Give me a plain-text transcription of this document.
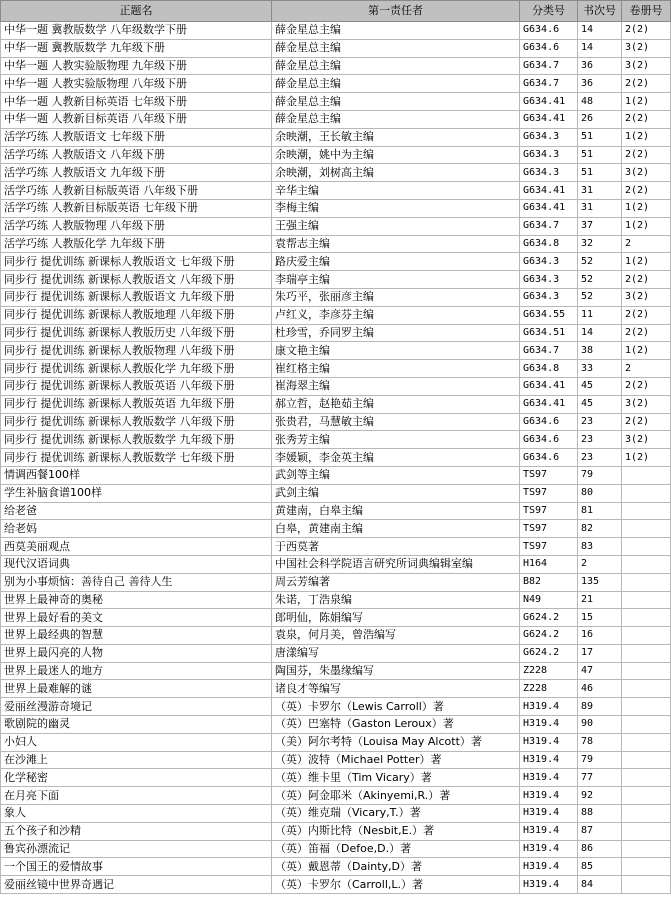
正题名	第一责任者	分类号	书次号	卷册号
中华一题 冀教版数学 八年级数学下册	薛金星总主编	G634.6	14	2(2)
中华一题 冀教版数学 九年级下册	薛金星总主编	G634.6	14	3(2)
中华一题 人教实验版物理 九年级下册	薛金星总主编	G634.7	36	3(2)
中华一题 人教实验版物理 八年级下册	薛金星总主编	G634.7	36	2(2)
中华一题 人教新目标英语 七年级下册	薛金星总主编	G634.41	48	1(2)
中华一题 人教新目标英语 八年级下册	薛金星总主编	G634.41	26	2(2)
活学巧练 人教版语文 七年级下册	余映潮，王长敏主编	G634.3	51	1(2)
活学巧练 人教版语文 八年级下册	余映潮，姚中为主编	G634.3	51	2(2)
活学巧练 人教版语文 九年级下册	余映潮，刘树高主编	G634.3	51	3(2)
活学巧练 人教新目标版英语 八年级下册	辛华主编	G634.41	31	2(2)
活学巧练 人教新目标版英语 七年级下册	李梅主编	G634.41	31	1(2)
活学巧练 人教版物理 八年级下册	王强主编	G634.7	37	1(2)
活学巧练 人教版化学 九年级下册	袁帮志主编	G634.8	32	2
同步行 提优训练 新课标人教版语文 七年级下册	路庆爱主编	G634.3	52	1(2)
同步行 提优训练 新课标人教版语文 八年级下册	李瑞亭主编	G634.3	52	2(2)
同步行 提优训练 新课标人教版语文 九年级下册	朱巧平，张丽彦主编	G634.3	52	3(2)
同步行 提优训练 新课标人教版地理 八年级下册	卢红义，李彦芬主编	G634.55	11	2(2)
同步行 提优训练 新课标人教版历史 八年级下册	杜珍雪，乔同罗主编	G634.51	14	2(2)
同步行 提优训练 新课标人教版物理 八年级下册	康文艳主编	G634.7	38	1(2)
同步行 提优训练 新课标人教版化学 九年级下册	崔红格主编	G634.8	33	2
同步行 提优训练 新课标人教版英语 八年级下册	崔海翠主编	G634.41	45	2(2)
同步行 提优训练 新课标人教版英语 九年级下册	郝立哲，赵艳茹主编	G634.41	45	3(2)
同步行 提优训练 新课标人教版数学 八年级下册	张贵君，马慧敏主编	G634.6	23	2(2)
同步行 提优训练 新课标人教版数学 九年级下册	张秀芳主编	G634.6	23	3(2)
同步行 提优训练 新课标人教版数学 七年级下册	李媛颖，李金英主编	G634.6	23	1(2)
情调西餐100样	武剑等主编	TS97	79	
学生补脑食谱100样	武剑主编	TS97	80	
给老爸	黄建南，白皋主编	TS97	81	
给老妈	白皋，黄建南主编	TS97	82	
西莫美丽观点	于西莫著	TS97	83	
现代汉语词典	中国社会科学院语言研究所词典编辑室编	H164	2	
别为小事烦恼：善待自己 善待人生	周云芳编著	B82	135	
世界上最神奇的奥秘	朱诺，丁浩泉编	N49	21	
世界上最好看的美文	郎明仙，陈娟编写	G624.2	15	
世界上最经典的智慧	袁泉，何月美，曾浩编写	G624.2	16	
世界上最闪亮的人物	唐漾编写	G624.2	17	
世界上最迷人的地方	陶国芬，朱墨缘编写	Z228	47	
世界上最难解的谜	诸良才等编写	Z228	46	
爱丽丝漫游奇境记	（英）卡罗尔（Lewis Carroll）著	H319.4	89	
歌剧院的幽灵	（英）巴塞特（Gaston Leroux）著	H319.4	90	
小妇人	（美）阿尔考特（Louisa May Alcott）著	H319.4	78	
在沙滩上	（英）波特（Michael Potter）著	H319.4	79	
化学秘密	（英）维卡里（Tim Vicary）著	H319.4	77	
在月亮下面	（英）阿金耶米（Akinyemi,R.）著	H319.4	92	
象人	（英）维克瑞（Vicary,T.）著	H319.4	88	
五个孩子和沙精	（英）内斯比特（Nesbit,E.）著	H319.4	87	
鲁宾孙漂流记	（英）笛福（Defoe,D.）著	H319.4	86	
一个国王的爱情故事	（英）戴恩蒂（Dainty,D）著	H319.4	85	
爱丽丝镜中世界奇遇记	（英）卡罗尔（Carroll,L.）著	H319.4	84	
